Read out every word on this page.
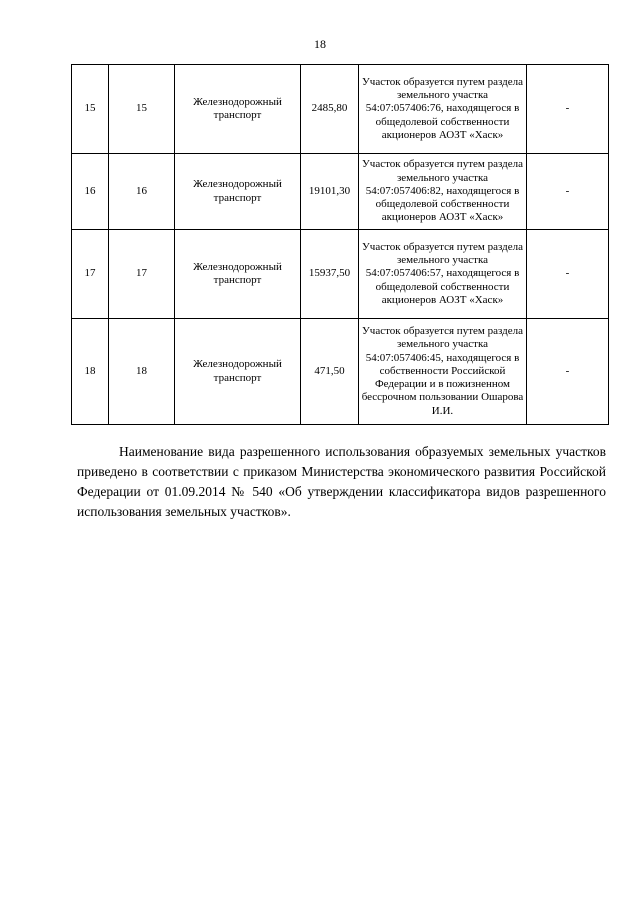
18
15	15	Железнодорожный транспорт	2485,80	Участок образуется путем раздела земельного участка 54:07:057406:76, находящегося в общедолевой собственности акционеров АОЗТ «Хаск»	-
16	16	Железнодорожный транспорт	19101,30	Участок образуется путем раздела земельного участка 54:07:057406:82, находящегося в общедолевой собственности акционеров АОЗТ «Хаск»	-
17	17	Железнодорожный транспорт	15937,50	Участок образуется путем раздела земельного участка 54:07:057406:57, находящегося в общедолевой собственности акционеров АОЗТ «Хаск»	-
18	18	Железнодорожный транспорт	471,50	Участок образуется путем раздела земельного участка 54:07:057406:45, находящегося в собственности Российской Федерации и в пожизненном бессрочном пользовании Ошарова И.И.	-

Наименование вида разрешенного использования образуемых земельных участков приведено в соответствии с приказом Министерства экономического развития Российской Федерации от 01.09.2014 № 540 «Об утверждении классификатора видов разрешенного использования земельных участков».
